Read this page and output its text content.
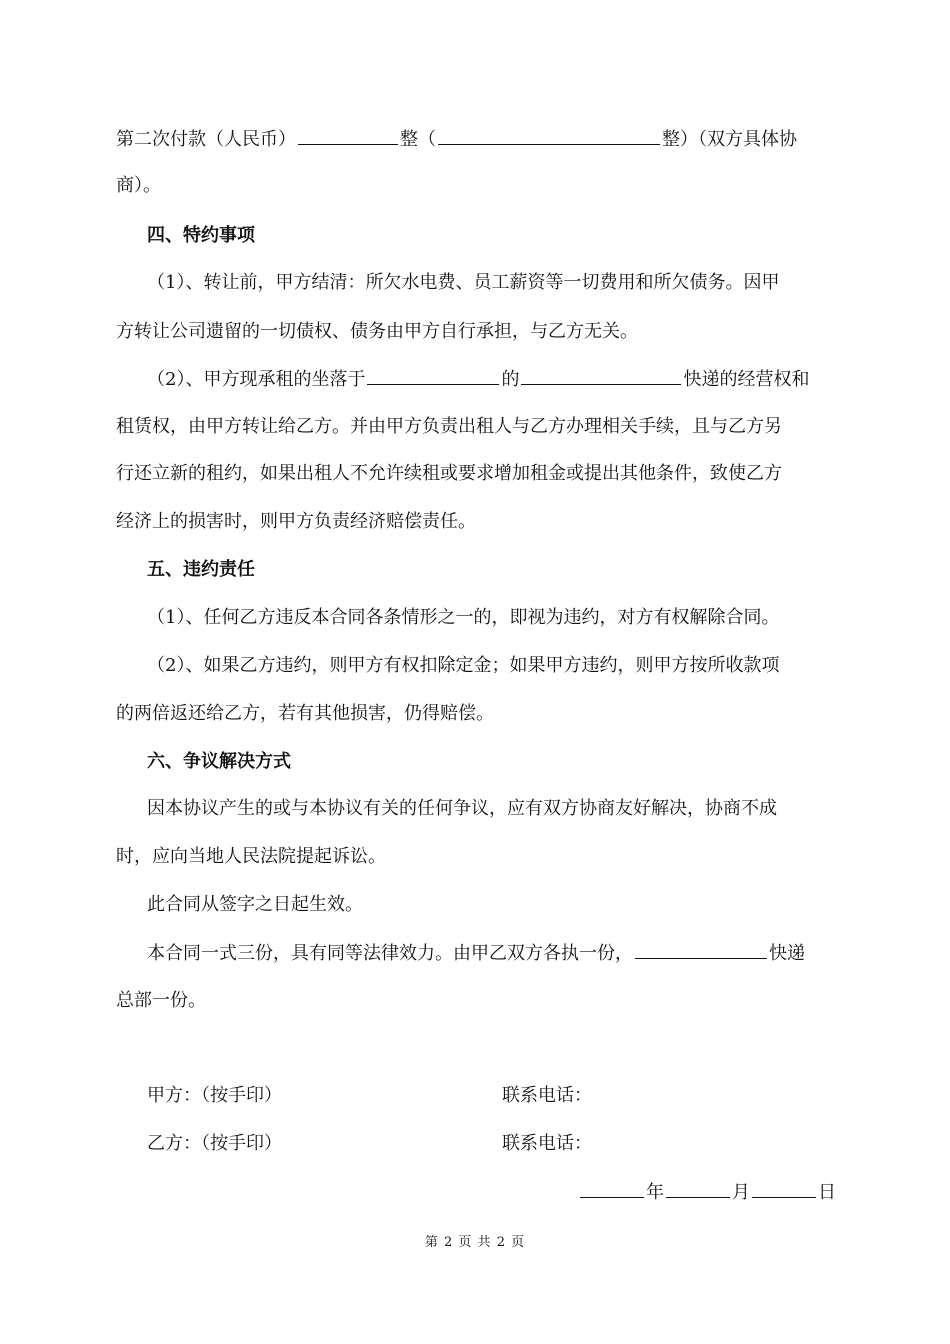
第二次付款（人民币）	整（	整）（双方具体协
商）。
四、特约事项
（1）、转让前，甲方结清：所欠水电费、员工薪资等一切费用和所欠债务。因甲
方转让公司遗留的一切债权、债务由甲方自行承担，与乙方无关。
（2）、甲方现承租的坐落于	的	快递的经营权和
租赁权，由甲方转让给乙方。并由甲方负责出租人与乙方办理相关手续，且与乙方另
行还立新的租约，如果出租人不允许续租或要求增加租金或提出其他条件，致使乙方
经济上的损害时，则甲方负责经济赔偿责任。
五、违约责任
（1）、任何乙方违反本合同各条情形之一的，即视为违约，对方有权解除合同。
（2）、如果乙方违约，则甲方有权扣除定金；如果甲方违约，则甲方按所收款项
的两倍返还给乙方，若有其他损害，仍得赔偿。
六、争议解决方式
因本协议产生的或与本协议有关的任何争议，应有双方协商友好解决，协商不成
时，应向当地人民法院提起诉讼。
此合同从签字之日起生效。
本合同一式三份，具有同等法律效力。由甲乙双方各执一份，	快递
总部一份。
甲方：（按手印）	联系电话：
乙方：（按手印）	联系电话：
年	月	日
第 2 页 共 2 页
